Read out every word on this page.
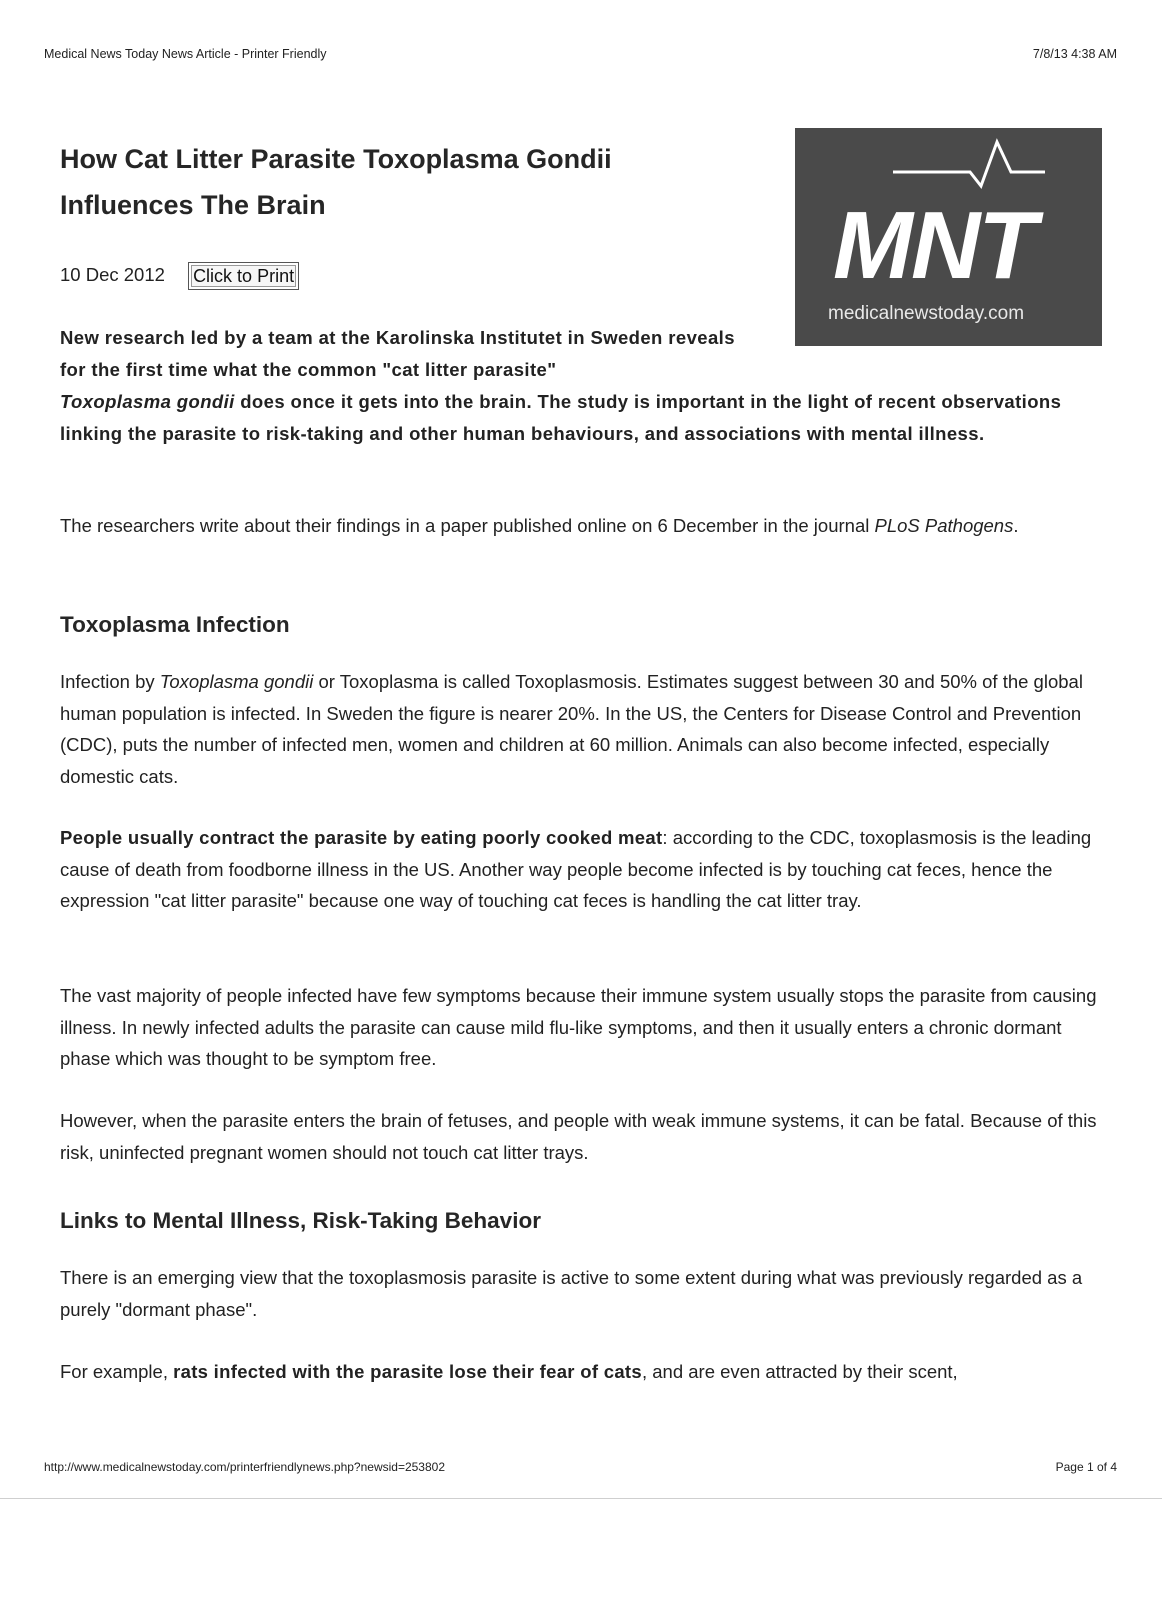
Medical News Today News Article - Printer Friendly	7/8/13 4:38 AM
How Cat Litter Parasite Toxoplasma Gondii
Influences The Brain	MNT
medicalnewstoday.com
10 Dec 2012 Click to Print

New research led by a team at the Karolinska Institutet in Sweden reveals for the first time what the common "cat litter parasite"
Toxoplasma gondii does once it gets into the brain. The study is important in the light of recent observations linking the parasite to risk-taking and other human behaviours, and associations with mental illness.

The researchers write about their findings in a paper published online on 6 December in the journal PLoS Pathogens.

Toxoplasma Infection

Infection by Toxoplasma gondii or Toxoplasma is called Toxoplasmosis. Estimates suggest between 30 and 50% of the global human population is infected. In Sweden the figure is nearer 20%. In the US, the Centers for Disease Control and Prevention (CDC), puts the number of infected men, women and children at 60 million. Animals can also become infected, especially domestic cats.

People usually contract the parasite by eating poorly cooked meat: according to the CDC, toxoplasmosis is the leading cause of death from foodborne illness in the US. Another way people become infected is by touching cat feces, hence the expression "cat litter parasite" because one way of touching cat feces is handling the cat litter tray.

The vast majority of people infected have few symptoms because their immune system usually stops the parasite from causing illness. In newly infected adults the parasite can cause mild flu-like symptoms, and then it usually enters a chronic dormant phase which was thought to be symptom free.

However, when the parasite enters the brain of fetuses, and people with weak immune systems, it can be fatal. Because of this risk, uninfected pregnant women should not touch cat litter trays.

Links to Mental Illness, Risk-Taking Behavior

There is an emerging view that the toxoplasmosis parasite is active to some extent during what was previously regarded as a purely "dormant phase".

For example, rats infected with the parasite lose their fear of cats, and are even attracted by their scent,

http://www.medicalnewstoday.com/printerfriendlynews.php?newsid=253802	Page 1 of 4
